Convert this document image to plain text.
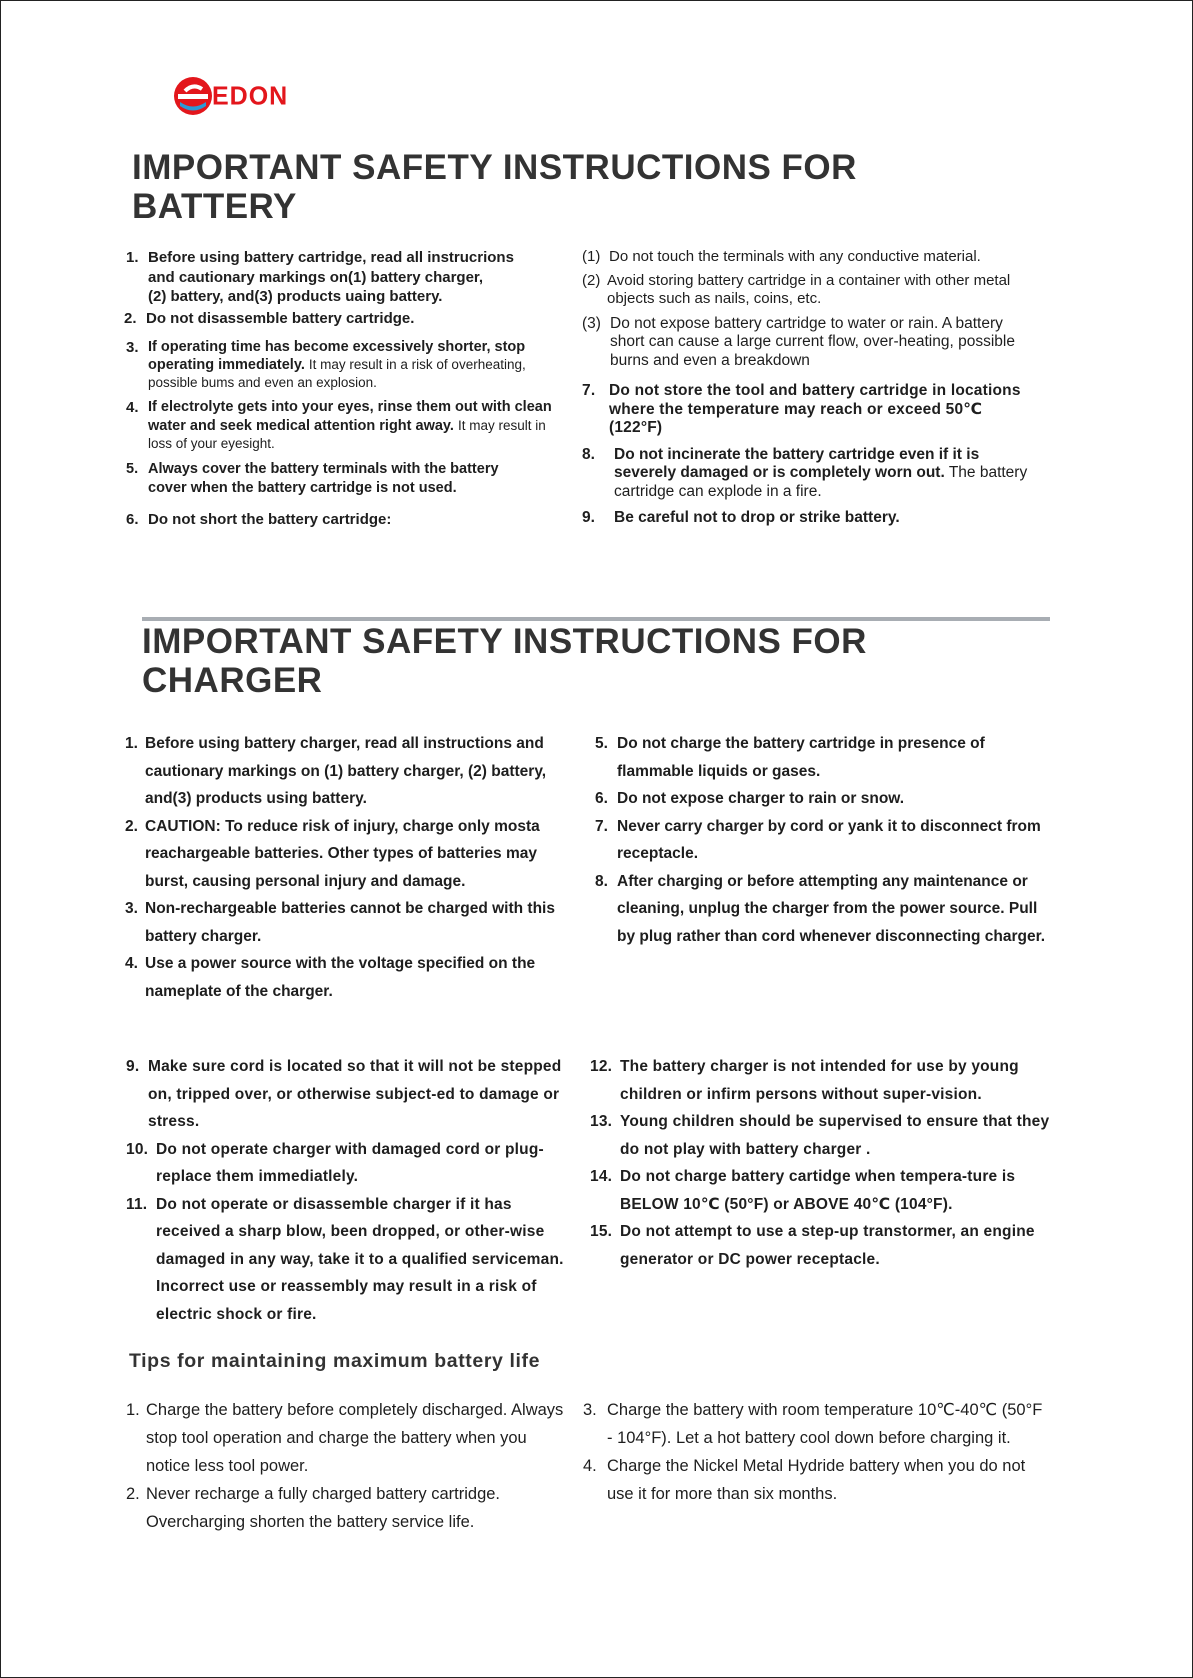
EDON
IMPORTANT SAFETY INSTRUCTIONS FOR
BATTERY
1. Before using battery cartridge, read all instrucrions
and cautionary markings on(1) battery charger,
(2) battery, and(3) products uaing battery.
2. Do not disassemble battery cartridge.
3. If operating time has become excessively shorter, stop operating immediately. It may result in a risk of overheating, possible bums and even an explosion.
4. If electrolyte gets into your eyes, rinse them out with clean water and seek medical attention right away. It may result in loss of your eyesight.
5. Always cover the battery terminals with the battery
cover when the battery cartridge is not used.
6. Do not short the battery cartridge:
(1) Do not touch the terminals with any conductive material.
(2) Avoid storing battery cartridge in a container with other metal objects such as nails, coins, etc.
(3) Do not expose battery cartridge to water or rain. A battery short can cause a large current flow, over-heating, possible burns and even a breakdown
7. Do not store the tool and battery cartridge in locations where the temperature may reach or exceed 50℃ (122°F)
8.	Do not incinerate the battery cartridge even if it is severely damaged or is completely worn out. The battery cartridge can explode in a fire.
9.	Be careful not to drop or strike battery.
IMPORTANT SAFETY INSTRUCTIONS FOR
CHARGER
1. Before using battery charger, read all instructions and cautionary markings on (1) battery charger, (2) battery, and(3) products using battery.
2. CAUTION: To reduce risk of injury, charge only mosta reachargeable batteries. Other types of batteries may burst, causing personal injury and damage.
3. Non-rechargeable batteries cannot be charged with this battery charger.
4. Use a power source with the voltage specified on the nameplate of the charger.
5. Do not charge the battery cartridge in presence of flammable liquids or gases.
6. Do not expose charger to rain or snow.
7. Never carry charger by cord or yank it to disconnect from receptacle.
8. After charging or before attempting any maintenance or cleaning, unplug the charger from the power source. Pull by plug rather than cord whenever disconnecting charger.
9. Make sure cord is located so that it will not be stepped on, tripped over, or otherwise subject-ed to damage or stress.
10. Do not operate charger with damaged cord or plug-replace them immediatlely.
11. Do not operate or disassemble charger if it has received a sharp blow, been dropped, or other-wise damaged in any way, take it to a qualified serviceman. Incorrect use or reassembly may result in a risk of electric shock or fire.
12. The battery charger is not intended for use by young children or infirm persons without super-vision.
13. Young children should be supervised to ensure that they do not play with battery charger .
14. Do not charge battery cartidge when tempera-ture is BELOW 10℃ (50°F) or ABOVE 40℃ (104°F).
15. Do not attempt to use a step-up transtormer, an engine generator or DC power receptacle.
Tips for maintaining maximum battery life
1. Charge the battery before completely discharged. Always stop tool operation and charge the battery when you notice less tool power.
2. Never recharge a fully charged battery cartridge. Overcharging shorten the battery service life.
3. Charge the battery with room temperature 10℃-40℃ (50°F - 104°F). Let a hot battery cool down before charging it.
4. Charge the Nickel Metal Hydride battery when you do not use it for more than six months.
